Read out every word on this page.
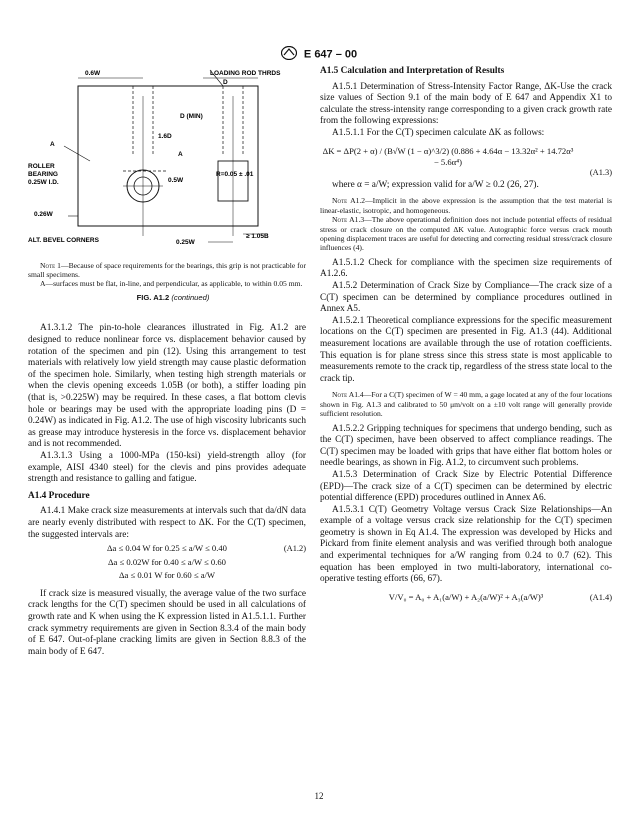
E 647 – 00
0.6W	LOADING ROD THRDS
D
D (MIN)
1.6D
A
A
ROLLER
BEARING
0.25W I.D.	0.5W
R=0.05 ± .01
0.26W
ALT. BEVEL CORNERS	0.25W
≥ 1.05B

Note 1—Because of space requirements for the bearings, this grip is not practicable for small specimens.

A—surfaces must be flat, in-line, and perpendicular, as applicable, to within 0.05 mm.

FIG. A1.2 (continued)

A1.3.1.2 The pin-to-hole clearances illustrated in Fig. A1.2 are designed to reduce nonlinear force vs. displacement behavior caused by rotation of the specimen and pin (12). Using this arrangement to test materials with relatively low yield strength may cause plastic deformation of the specimen hole. Similarly, when testing high strength materials or when the clevis opening exceeds 1.05B (or both), a stiffer loading pin (that is, >0.225W) may be required. In these cases, a flat bottom clevis hole or bearings may be used with the appropriate loading pins (D = 0.24W) as indicated in Fig. A1.2. The use of high viscosity lubricants such as grease may introduce hysteresis in the force vs. displacement behavior and is not recommended.

A1.3.1.3 Using a 1000-MPa (150-ksi) yield-strength alloy (for example, AISI 4340 steel) for the clevis and pins provides adequate strength and resistance to galling and fatigue.

A1.4 Procedure

A1.4.1 Make crack size measurements at intervals such that da/dN data are nearly evenly distributed with respect to ΔK. For the C(T) specimen, the suggested intervals are:

Δa ≤ 0.04 W for 0.25 ≤ a/W ≤ 0.40	(A1.2)
Δa ≤ 0.02W for 0.40 ≤ a/W ≤ 0.60
Δa ≤ 0.01 W for 0.60 ≤ a/W

If crack size is measured visually, the average value of the two surface crack lengths for the C(T) specimen should be used in all calculations of growth rate and K when using the K expression listed in A1.5.1.1. Further crack symmetry requirements are given in Section 8.3.4 of the main body of E 647. Out-of-plane cracking limits are given in Section 8.8.3 of the main body of E 647.

A1.5 Calculation and Interpretation of Results

A1.5.1 Determination of Stress-Intensity Factor Range, ΔK-Use the crack size values of Section 9.1 of the main body of E 647 and Appendix X1 to calculate the stress-intensity range corresponding to a given crack growth rate from the following expressions:

A1.5.1.1 For the C(T) specimen calculate ΔK as follows:

ΔK = ΔP(2 + α) / (B√W (1 − α)^3/2) (0.886 + 4.64α − 13.32α² + 14.72α³ − 5.6α⁴)
(A1.3)

where α = a/W; expression valid for a/W ≥ 0.2 (26, 27).

Note A1.2—Implicit in the above expression is the assumption that the test material is linear-elastic, isotropic, and homogeneous.

Note A1.3—The above operational definition does not include potential effects of residual stress or crack closure on the computed ΔK value. Autographic force versus crack mouth opening displacement traces are useful for detecting and correcting residual stress/crack closure influences (4).

A1.5.1.2 Check for compliance with the specimen size requirements of A1.2.6.

A1.5.2 Determination of Crack Size by Compliance—The crack size of a C(T) specimen can be determined by compliance procedures outlined in Annex A5.

A1.5.2.1 Theoretical compliance expressions for the specific measurement locations on the C(T) specimen are presented in Fig. A1.3 (44). Additional measurement locations are available through the use of rotation coefficients. This equation is for plane stress since this stress state is most applicable to measurements remote to the crack tip, regardless of the stress state local to the crack tip.

Note A1.4—For a C(T) specimen of W = 40 mm, a gage located at any of the four locations shown in Fig. A1.3 and calibrated to 50 μm/volt on a ±10 volt range will generally provide sufficient resolution.

A1.5.2.2 Gripping techniques for specimens that undergo bending, such as the C(T) specimen, have been observed to affect compliance readings. The C(T) specimen may be loaded with grips that have either flat bottom holes or needle bearings, as shown in Fig. A1.2, to circumvent such problems.

A1.5.3 Determination of Crack Size by Electric Potential Difference (EPD)—The crack size of a C(T) specimen can be determined by electric potential difference (EPD) procedures outlined in Annex A6.

A1.5.3.1 C(T) Geometry Voltage versus Crack Size Relationships—An example of a voltage versus crack size relationship for the C(T) specimen geometry is shown in Eq A1.4. The expression was developed by Hicks and Pickard from finite element analysis and was verified through both analogue and experimental techniques for a/W ranging from 0.24 to 0.7 (62). This equation has been employed in two multi-laboratory, international co-operative testing efforts (66, 67).

V/V₀ = A₀ + A₁(a/W) + A₂(a/W)² + A₃(a/W)³	(A1.4)
12
